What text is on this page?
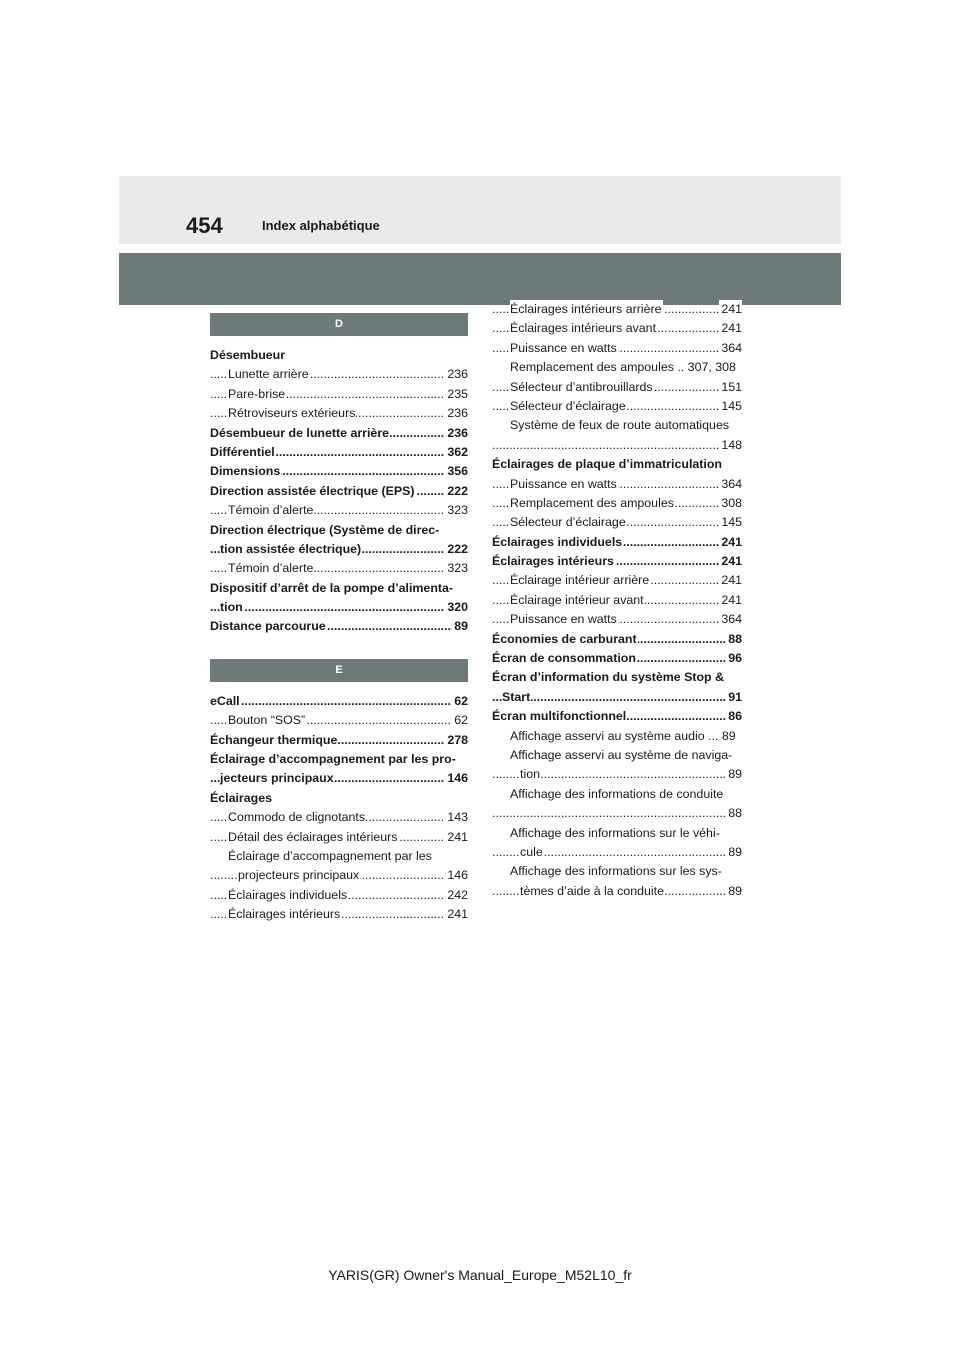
454	Index alphabétique
D
Désembueur
Lunette arrière	236
.....
Pare-brise	235
.....
Rétroviseurs extérieurs	236
.....
Désembueur de lunette arrière	236
.....
Différentiel	362
.....
Dimensions	356
.....
Direction assistée électrique (EPS)	222
.....
Témoin d’alerte	323
.....
Direction électrique (Système de direc-
tion assistée électrique)	222
.....
Témoin d’alerte	323
.....
Dispositif d’arrêt de la pompe d’alimenta-
tion	320
.....
Distance parcourue	89
.....
E
eCall	62
.....
Bouton “SOS”	62
.....
Échangeur thermique	278
.....
Éclairage d’accompagnement par les pro-
jecteurs principaux	146
.....
Éclairages
Commodo de clignotants	143
.....
Détail des éclairages intérieurs	241
.....
Éclairage d’accompagnement par les
projecteurs principaux	146
.....
Éclairages individuels	242
.....
Éclairages intérieurs	241
.....
Éclairages intérieurs arrière	241
.....
Éclairages intérieurs avant	241
.....
Puissance en watts	364
.....
Remplacement des ampoules .. 307, 308
Sélecteur d’antibrouillards	151
.....
Sélecteur d’éclairage	145
.....
Système de feux de route automatiques
148
.....
Éclairages de plaque d’immatriculation
Puissance en watts	364
.....
Remplacement des ampoules	308
.....
Sélecteur d’éclairage	145
.....
Éclairages individuels	241
.....
Éclairages intérieurs	241
.....
Éclairage intérieur arrière	241
.....
Éclairage intérieur avant	241
.....
Puissance en watts	364
.....
Économies de carburant	88
.....
Écran de consommation	96
.....
Écran d’information du système Stop &
Start	91
.....
Écran multifonctionnel	86
.....
Affichage asservi au système audio ... 89
Affichage asservi au système de naviga-
tion	89
.....
Affichage des informations de conduite
88
.....
Affichage des informations sur le véhi-
cule	89
.....
Affichage des informations sur les sys-
tèmes d’aide à la conduite	89
.....
YARIS(GR) Owner's Manual_Europe_M52L10_fr
